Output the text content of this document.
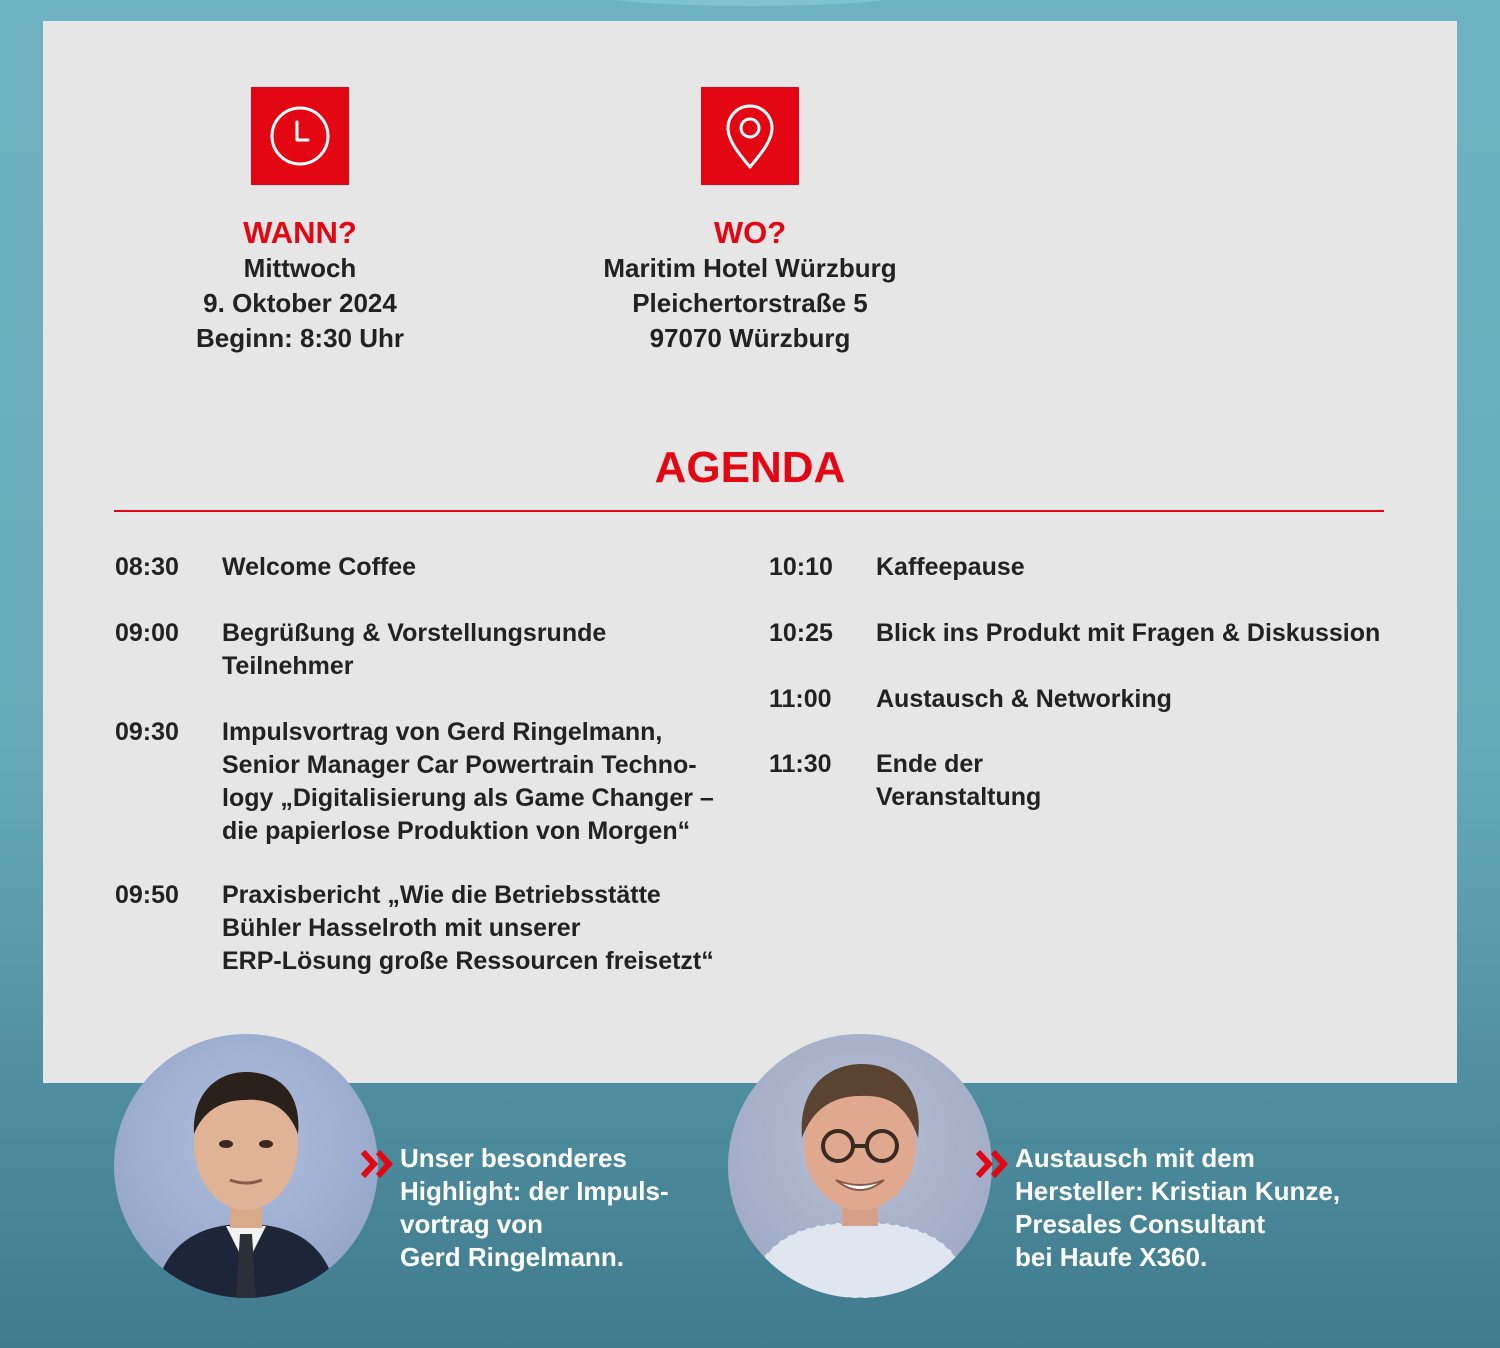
WANN?
Mittwoch
9. Oktober 2024
Beginn: 8:30 Uhr
WO?
Maritim Hotel Würzburg
Pleichertorstraße 5
97070 Würzburg
AGENDA
08:30	Welcome Coffee
09:00	Begrüßung & Vorstellungsrunde
Teilnehmer
09:30	Impulsvortrag von Gerd Ringelmann,
Senior Manager Car Powertrain Techno-
logy „Digitalisierung als Game Changer –
die papierlose Produktion von Morgen“
09:50	Praxisbericht „Wie die Betriebsstätte
Bühler Hasselroth mit unserer
ERP-Lösung große Ressourcen freisetzt“
10:10	Kaffeepause
10:25	Blick ins Produkt mit Fragen & Diskussion
11:00	Austausch & Networking
11:30	Ende der
Veranstaltung
Unser besonderes
Highlight: der Impuls-
vortrag von
Gerd Ringelmann.
Austausch mit dem
Hersteller: Kristian Kunze,
Presales Consultant
bei Haufe X360.
